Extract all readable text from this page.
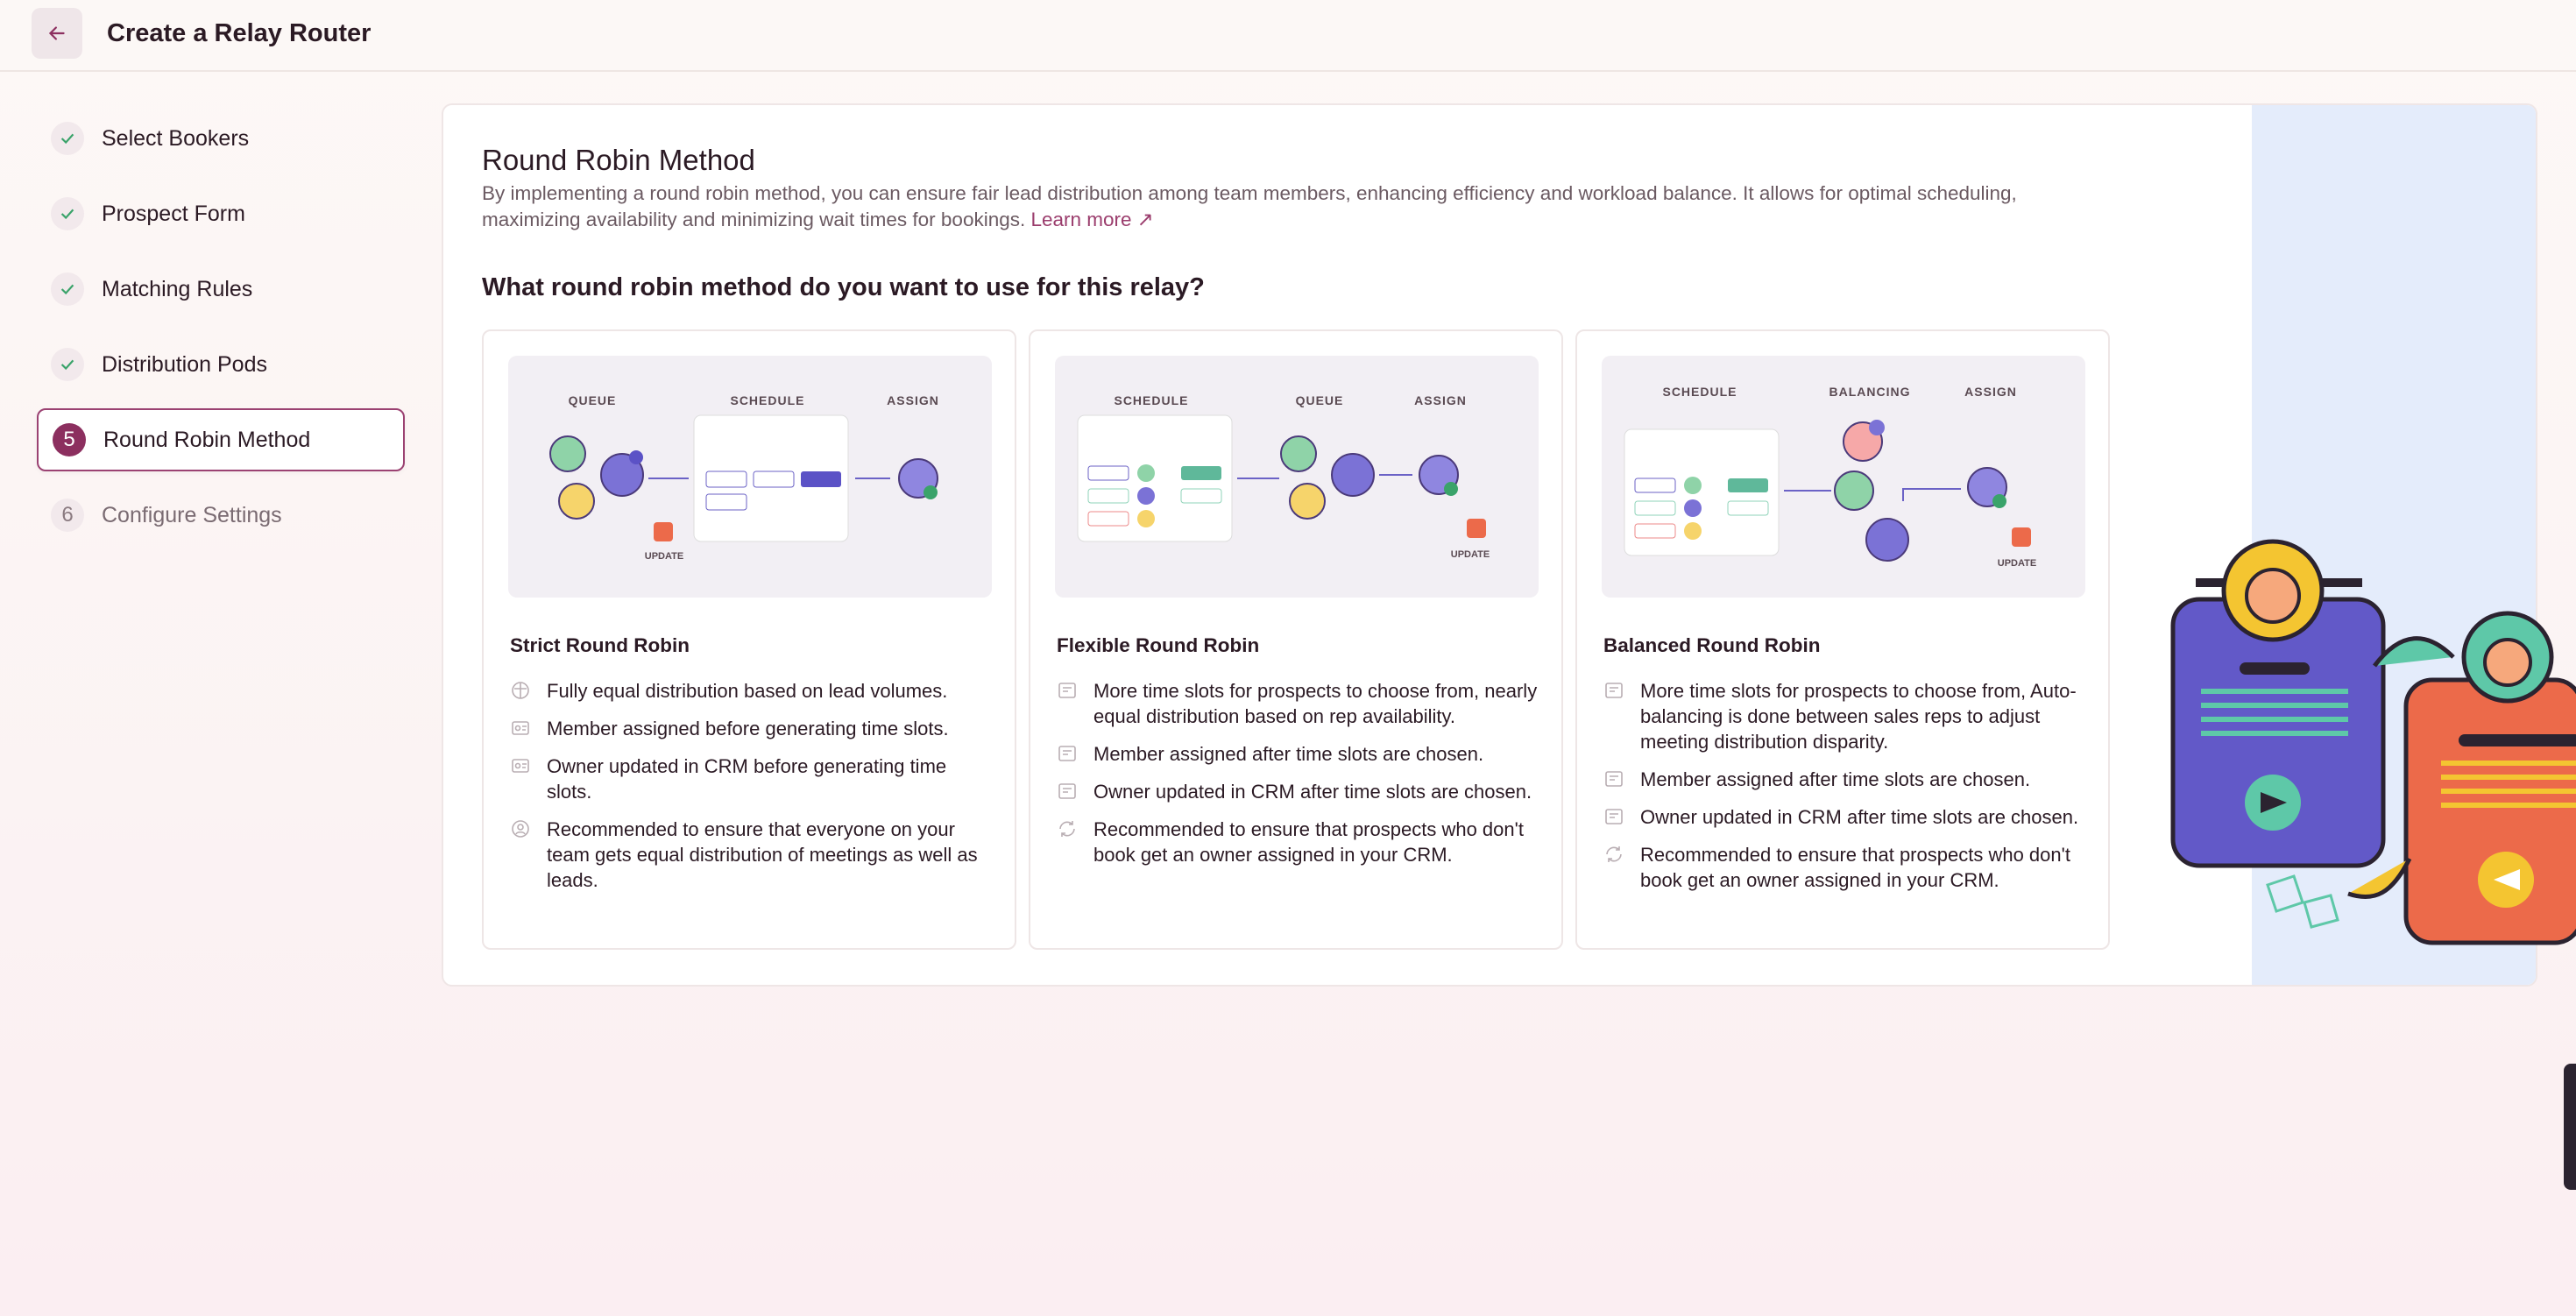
Create a Relay Router
Select Bookers
Prospect Form
Matching Rules
Distribution Pods
5	Round Robin Method
6	Configure Settings
Round Robin Method
By implementing a round robin method, you can ensure fair lead distribution among team members, enhancing efficiency and workload balance. It allows for optimal scheduling, maximizing availability and minimizing wait times for bookings. Learn more ↗
What round robin method do you want to use for this relay?
QUEUE	SCHEDULE	ASSIGN
UPDATE
Strict Round Robin
Fully equal distribution based on lead volumes.
Member assigned before generating time slots.
Owner updated in CRM before generating time slots.
Recommended to ensure that everyone on your team gets equal distribution of meetings as well as leads.
SCHEDULE	QUEUE	ASSIGN
UPDATE
Flexible Round Robin
More time slots for prospects to choose from, nearly equal distribution based on rep availability.
Member assigned after time slots are chosen.
Owner updated in CRM after time slots are chosen.
Recommended to ensure that prospects who don't book get an owner assigned in your CRM.
SCHEDULE	BALANCING	ASSIGN
UPDATE
Balanced Round Robin
More time slots for prospects to choose from, Auto-balancing is done between sales reps to adjust meeting distribution disparity.
Member assigned after time slots are chosen.
Owner updated in CRM after time slots are chosen.
Recommended to ensure that prospects who don't book get an owner assigned in your CRM.
